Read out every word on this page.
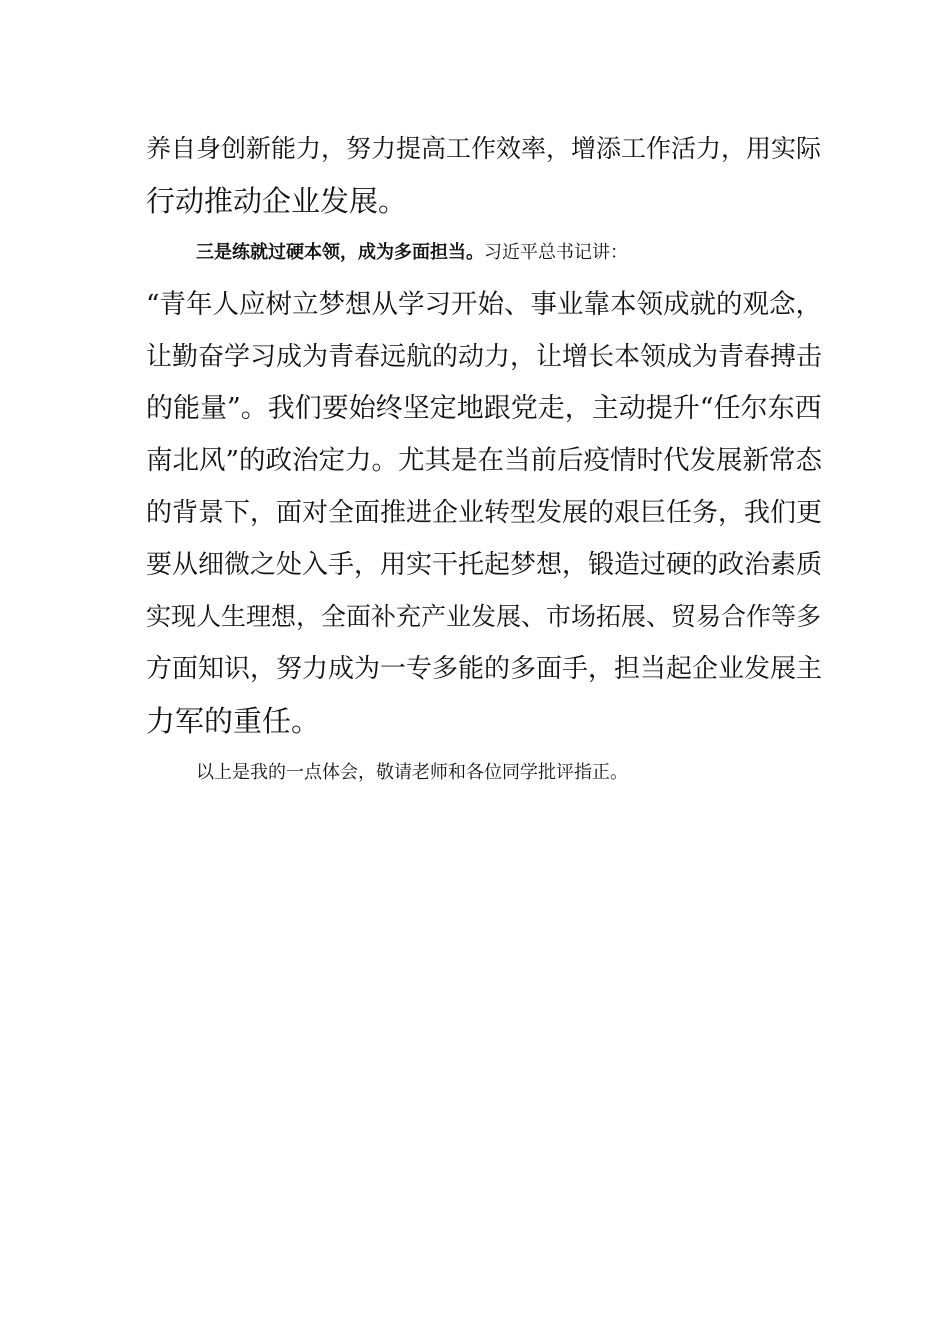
养自身创新能力，努力提高工作效率，增添工作活力，用实际
行动推动企业发展。
三是练就过硬本领，成为多面担当。习近平总书记讲：
“青年人应树立梦想从学习开始、事业靠本领成就的观念，
让勤奋学习成为青春远航的动力，让增长本领成为青春搏击
的能量”。我们要始终坚定地跟党走，主动提升“任尔东西
南北风”的政治定力。尤其是在当前后疫情时代发展新常态
的背景下，面对全面推进企业转型发展的艰巨任务，我们更
要从细微之处入手，用实干托起梦想，锻造过硬的政治素质
实现人生理想，全面补充产业发展、市场拓展、贸易合作等多
方面知识，努力成为一专多能的多面手，担当起企业发展主
力军的重任。
以上是我的一点体会，敬请老师和各位同学批评指正。
